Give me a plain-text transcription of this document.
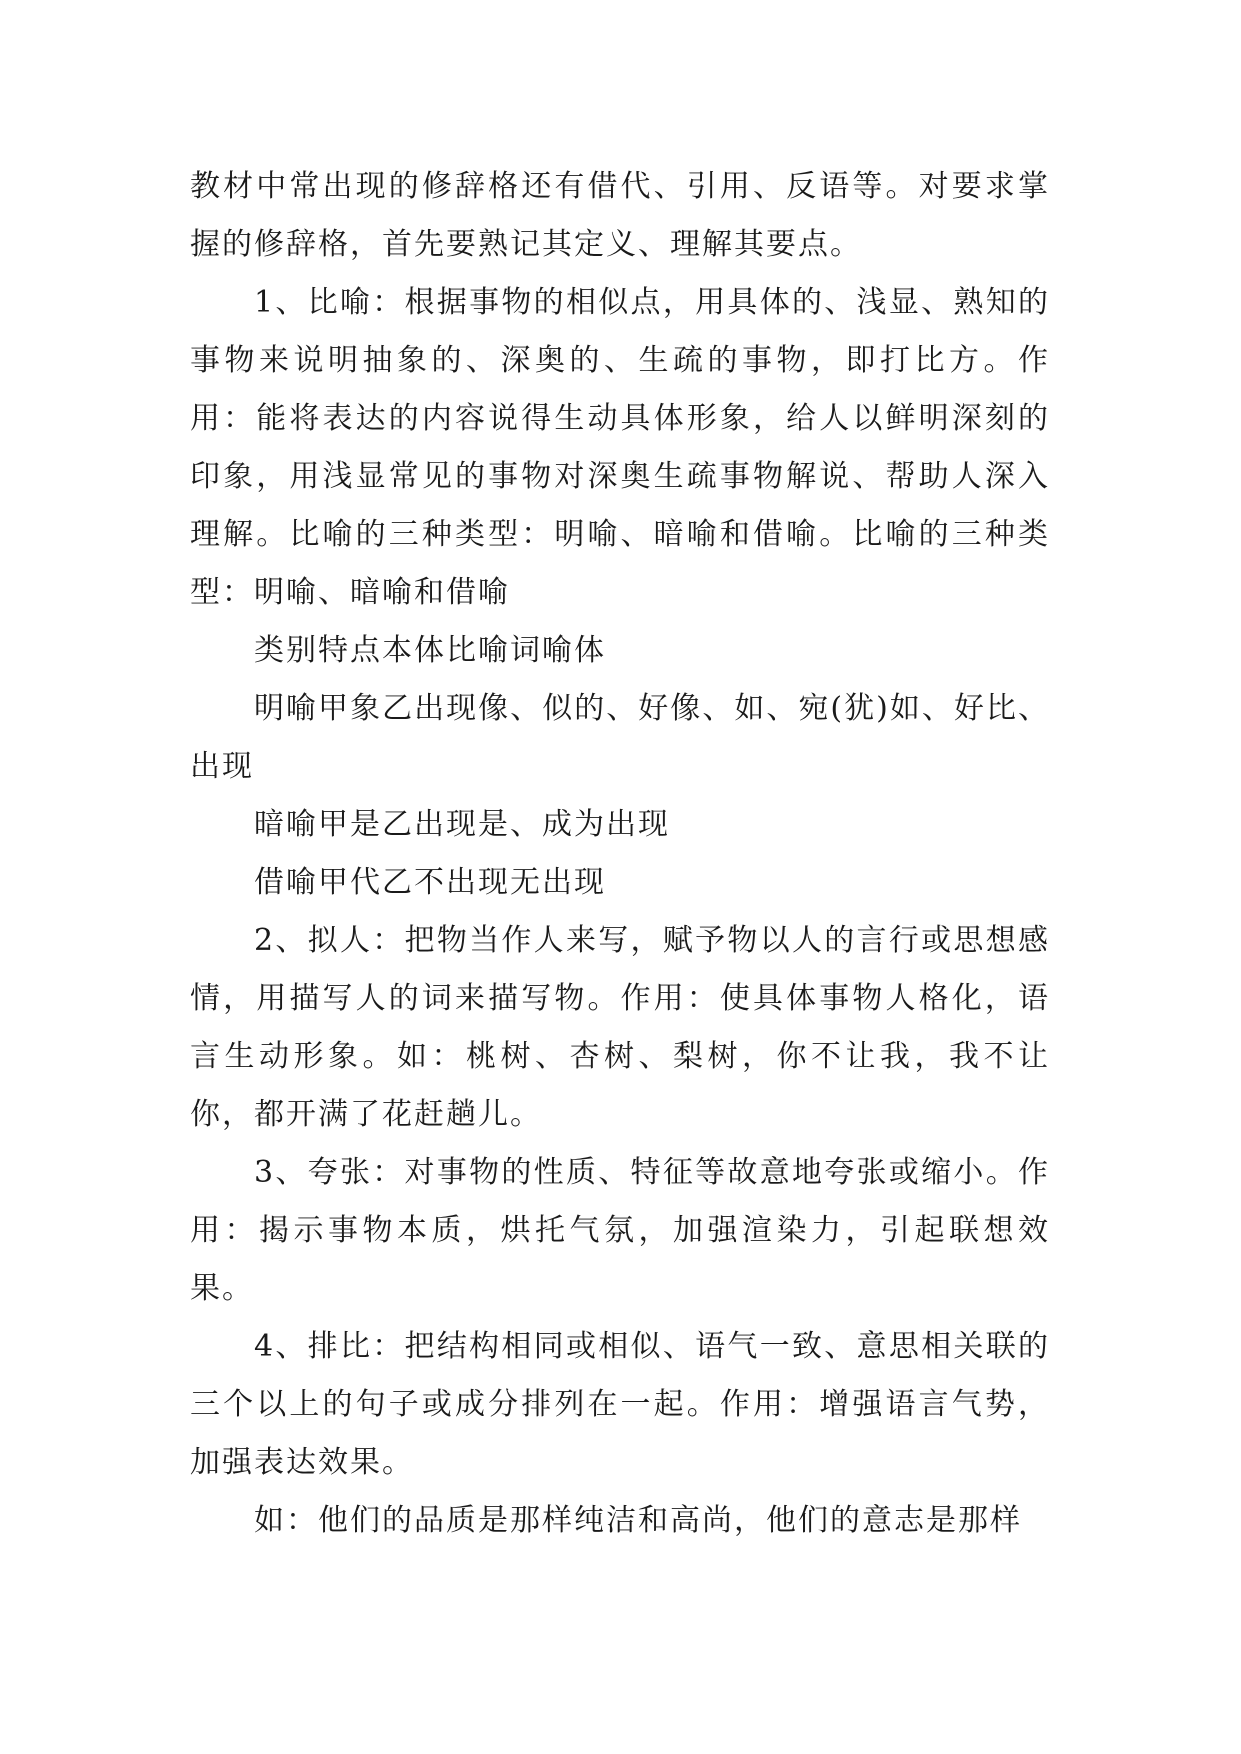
教材中常出现的修辞格还有借代、引用、反语等。对要求掌握的修辞格，首先要熟记其定义、理解其要点。

1、比喻：根据事物的相似点，用具体的、浅显、熟知的事物来说明抽象的、深奥的、生疏的事物，即打比方。作用：能将表达的内容说得生动具体形象，给人以鲜明深刻的印象，用浅显常见的事物对深奥生疏事物解说、帮助人深入理解。比喻的三种类型：明喻、暗喻和借喻。比喻的三种类型：明喻、暗喻和借喻

类别特点本体比喻词喻体

明喻甲象乙出现像、似的、好像、如、宛(犹)如、好比、出现

暗喻甲是乙出现是、成为出现

借喻甲代乙不出现无出现

2、拟人：把物当作人来写，赋予物以人的言行或思想感情，用描写人的词来描写物。作用：使具体事物人格化，语言生动形象。如：桃树、杏树、梨树，你不让我，我不让你，都开满了花赶趟儿。

3、夸张：对事物的性质、特征等故意地夸张或缩小。作用：揭示事物本质，烘托气氛，加强渲染力，引起联想效果。

4、排比：把结构相同或相似、语气一致、意思相关联的三个以上的句子或成分排列在一起。作用：增强语言气势，加强表达效果。

如：他们的品质是那样纯洁和高尚，他们的意志是那样
